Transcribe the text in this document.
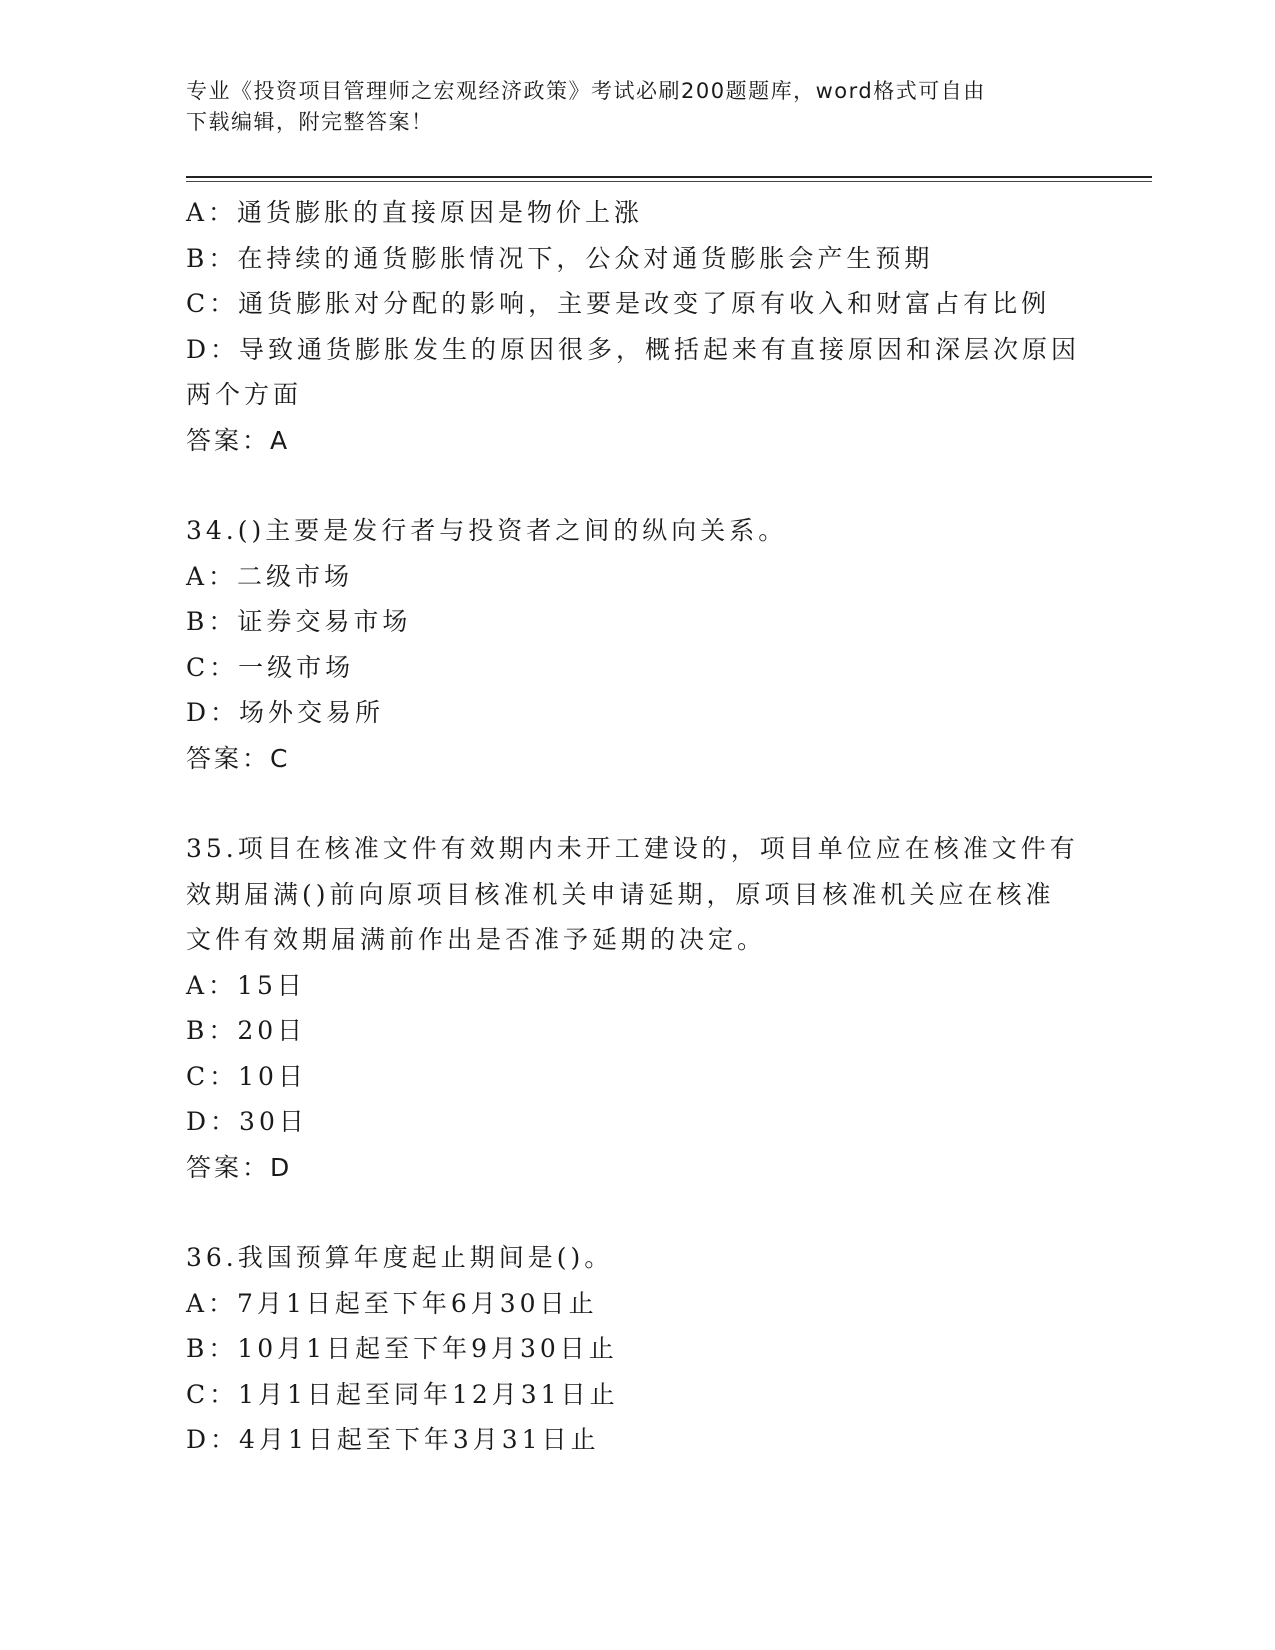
专业《投资项目管理师之宏观经济政策》考试必刷200题题库，word格式可自由
下载编辑，附完整答案！
A：通货膨胀的直接原因是物价上涨
B：在持续的通货膨胀情况下，公众对通货膨胀会产生预期
C：通货膨胀对分配的影响，主要是改变了原有收入和财富占有比例
D：导致通货膨胀发生的原因很多，概括起来有直接原因和深层次原因
两个方面
答案：A
34.()主要是发行者与投资者之间的纵向关系。
A：二级市场
B：证券交易市场
C：一级市场
D：场外交易所
答案：C
35.项目在核准文件有效期内未开工建设的，项目单位应在核准文件有
效期届满()前向原项目核准机关申请延期，原项目核准机关应在核准
文件有效期届满前作出是否准予延期的决定。
A：15日
B：20日
C：10日
D：30日
答案：D
36.我国预算年度起止期间是()。
A：7月1日起至下年6月30日止
B：10月1日起至下年9月30日止
C：1月1日起至同年12月31日止
D：4月1日起至下年3月31日止
